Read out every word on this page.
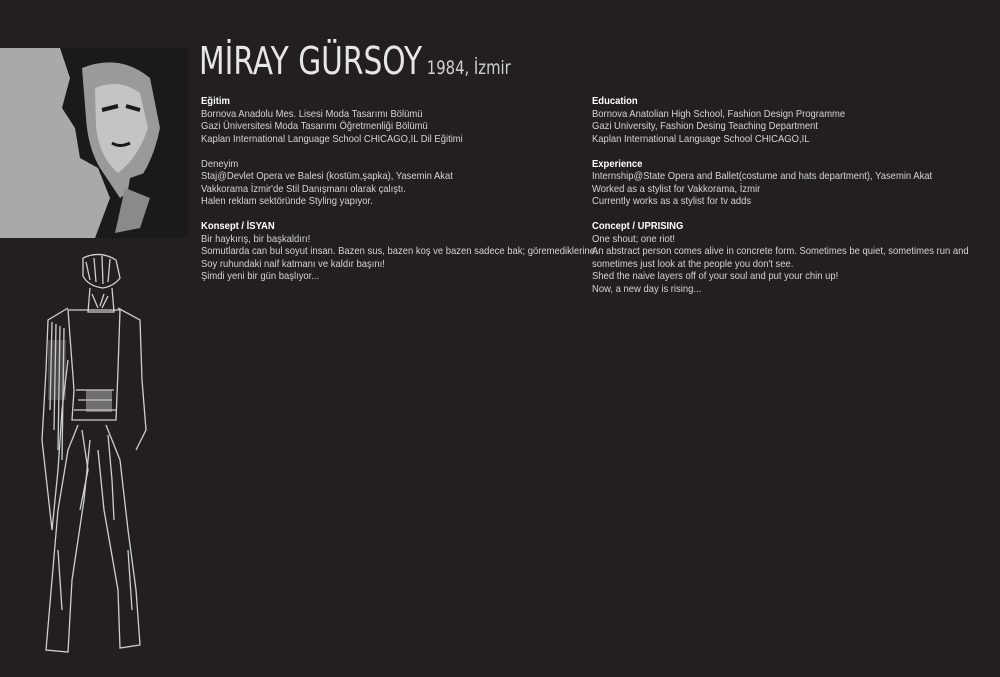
MİRAY GÜRSOY 1984, İzmir
Eğitim
Bornova Anadolu Mes. Lisesi Moda Tasarımı Bölümü
Gazi Üniversitesi Moda Tasarımı Öğretmenliği Bölümü
Kaplan International Language School CHICAGO,IL Dil Eğitimi
Deneyim
Staj@Devlet Opera ve Balesi (kostüm,şapka), Yasemin Akat
Vakkorama İzmir'de Stil Danışmanı olarak çalıştı.
Halen reklam sektöründe Styling yapıyor.
Konsept / İSYAN
Bir haykırış, bir başkaldırı!
Somutlarda can bul soyut insan. Bazen sus, bazen koş ve bazen sadece bak; göremediklerine.
Soy ruhundaki naif katmanı ve kaldır başını!
Şimdi yeni bir gün başlıyor...
Education
Bornova Anatolian High School, Fashion Design Programme
Gazi University, Fashion Desing Teaching Department
Kaplan International Language School CHICAGO,IL
Experience
Internship@State Opera and Ballet(costume and hats department), Yasemin Akat
Worked as a stylist for Vakkorama, İzmir
Currently works as a stylist for tv adds
Concept / UPRISING
One shout; one riot!
An abstract person comes alive in concrete form. Sometimes be quiet, sometimes run and
sometimes just look at the people you don't see.
Shed the naive layers off of your soul and put your chin up!
Now, a new day is rising...
